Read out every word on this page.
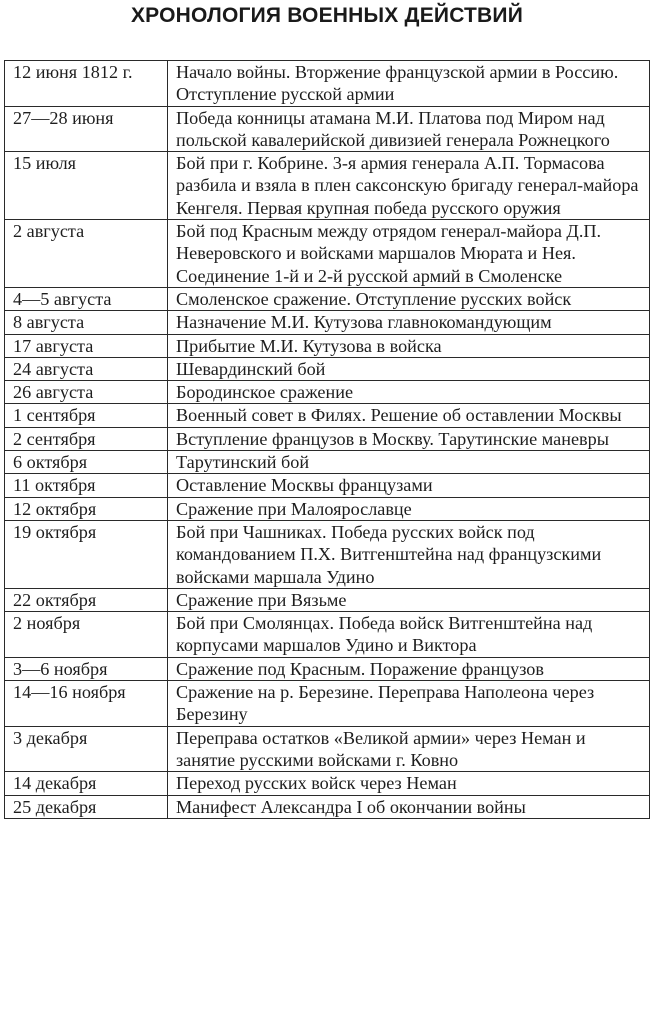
ХРОНОЛОГИЯ ВОЕННЫХ ДЕЙСТВИЙ
12 июня 1812 г.	Начало войны. Вторжение французской армии в Россию. Отступление русской армии
27—28 июня	Победа конницы атамана М.И. Платова под Миром над польской кавалерийской дивизией генерала Рожнецкого
15 июля	Бой при г. Кобрине. 3-я армия генерала А.П. Тормасова разбила и взяла в плен саксонскую бригаду генерал-майора Кенгеля. Первая крупная победа русского оружия
2 августа	Бой под Красным между отрядом генерал-майора Д.П. Неверовского и войсками маршалов Мюрата и Нея. Соединение 1-й и 2-й русской армий в Смоленске
4—5 августа	Смоленское сражение. Отступление русских войск
8 августа	Назначение М.И. Кутузова главнокомандующим
17 августа	Прибытие М.И. Кутузова в войска
24 августа	Шевардинский бой
26 августа	Бородинское сражение
1 сентября	Военный совет в Филях. Решение об оставлении Москвы
2 сентября	Вступление французов в Москву. Тарутинские маневры
6 октября	Тарутинский бой
11 октября	Оставление Москвы французами
12 октября	Сражение при Малоярославце
19 октября	Бой при Чашниках. Победа русских войск под командованием П.Х. Витгенштейна над французскими войсками маршала Удино
22 октября	Сражение при Вязьме
2 ноября	Бой при Смолянцах. Победа войск Витгенштейна над корпусами маршалов Удино и Виктора
3—6 ноября	Сражение под Красным. Поражение французов
14—16 ноября	Сражение на р. Березине. Переправа Наполеона через Березину
3 декабря	Переправа остатков «Великой армии» через Неман и занятие русскими войсками г. Ковно
14 декабря	Переход русских войск через Неман
25 декабря	Манифест Александра I об окончании войны
